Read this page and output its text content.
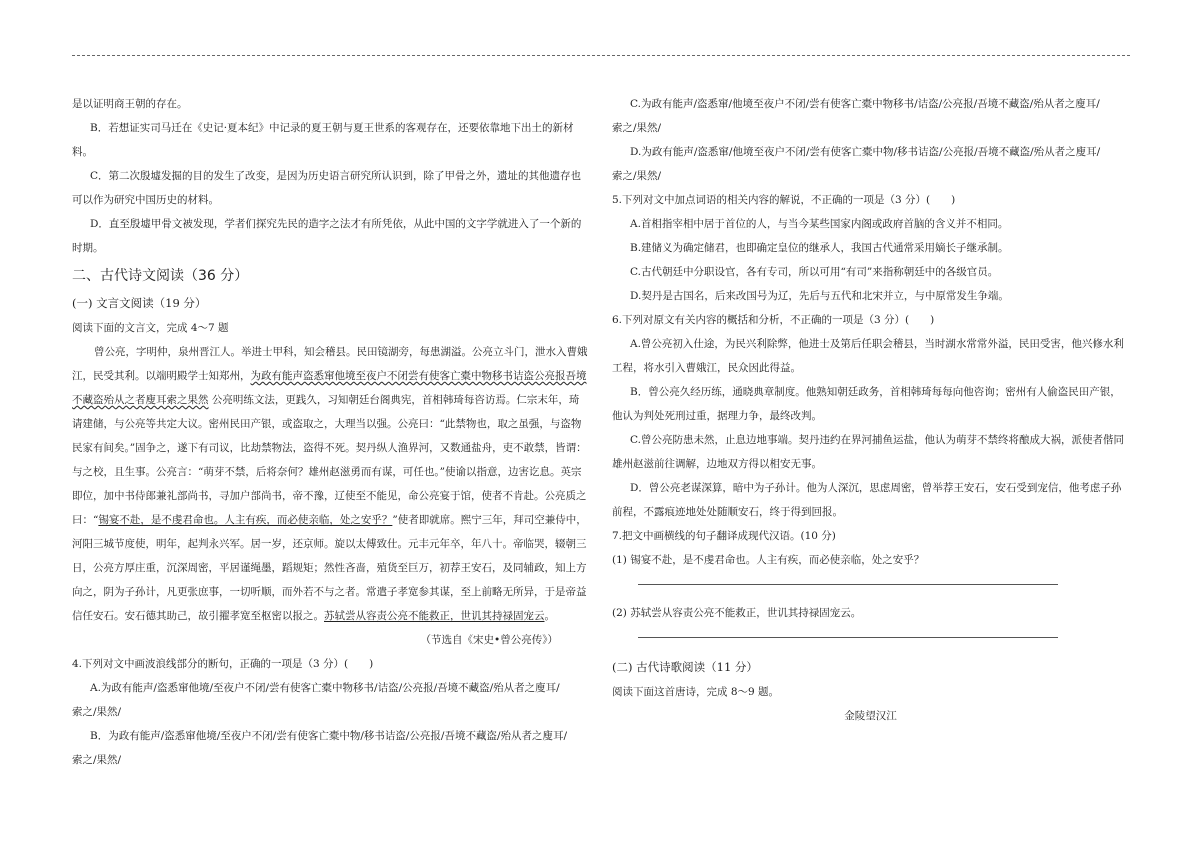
是以证明商王朝的存在。
B．若想证实司马迁在《史记·夏本纪》中记录的夏王朝与夏王世系的客观存在，还要依靠地下出土的新材
料。
C．第二次殷墟发掘的目的发生了改变，是因为历史语言研究所认识到，除了甲骨之外，遗址的其他遗存也
可以作为研究中国历史的材料。
D．直至殷墟甲骨文被发现，学者们探究先民的造字之法才有所凭依，从此中国的文字学就进入了一个新的
时期。
二、古代诗文阅读（36 分）
(一) 文言文阅读（19 分）
阅读下面的文言文，完成 4～7 题
曾公亮，字明仲，泉州晋江人。举进士甲科，知会稽县。民田镜湖旁，每患湖溢。公亮立斗门，泄水入曹娥
江，民受其利。以端明殿学士知郑州，为政有能声盗悉窜他境至夜户不闭尝有使客亡橐中物移书诘盗公亮报吾境
不藏盗殆从之者廋耳索之果然 公亮明练文法，更践久，习知朝廷台阁典宪，首相韩琦每咨访焉。仁宗末年，琦
请建储，与公亮等共定大议。密州民田产银，或盗取之，大理当以强。公亮曰：“此禁物也，取之虽强，与盗物
民家有间矣。”固争之，遂下有司议，比劫禁物法，盗得不死。契丹纵人渔界河，又数通盐舟，吏不敢禁，皆谓：
与之校，且生事。公亮言：“萌芽不禁，后将奈何？雄州赵滋勇而有谋，可任也。”使谕以指意，边害讫息。英宗
即位，加中书侍郎兼礼部尚书，寻加户部尚书，帝不豫，辽使至不能见，命公亮宴于馆，使者不肯赴。公亮质之
曰：“锡宴不赴，是不虔君命也。人主有疾，而必使亲临，处之安乎？”使者即就席。熙宁三年，拜司空兼侍中，
河阳三城节度使，明年，起判永兴军。居一岁，还京师。旋以太傅致仕。元丰元年卒，年八十。帝临哭，辍朝三
日，公亮方厚庄重，沉深周密，平居谨绳墨，蹈规矩；然性吝啬，殖货至巨万，初荐王安石，及同辅政，知上方
向之，阴为子孙计，凡更张庶事，一切听顺，而外若不与之者。常遣子孝宽参其谋，至上前略无所异，于是帝益
信任安石。安石德其助己，故引擢孝宽至枢密以报之。苏轼尝从容责公亮不能救正，世讥其持禄固宠云。
（节选自《宋史•曾公亮传》）
4.下列对文中画波浪线部分的断句，正确的一项是（3 分）(　　)
A.为政有能声/盗悉窜他境/至夜户不闭/尝有使客亡橐中物移书/诘盗/公亮报/吾境不藏盗/殆从者之廋耳/
索之/果然/
B．为政有能声/盗悉窜他境/至夜户不闭/尝有使客亡橐中物/移书诘盗/公亮报/吾境不藏盗/殆从者之廋耳/
索之/果然/
C.为政有能声/盗悉窜/他境至夜户不闭/尝有使客亡橐中物移书/诘盗/公亮报/吾境不藏盗/殆从者之廋耳/
索之/果然/
D.为政有能声/盗悉窜/他境至夜户不闭/尝有使客亡橐中物/移书诘盗/公亮报/吾境不藏盗/殆从者之廋耳/
索之/果然/
5.下列对文中加点词语的相关内容的解说，不正确的一项是（3 分）(　　)
A.首相指宰相中居于首位的人，与当今某些国家内阁或政府首脑的含义并不相同。
B.建储义为确定储君，也即确定皇位的继承人，我国古代通常采用嫡长子继承制。
C.古代朝廷中分职设官，各有专司，所以可用“有司”来指称朝廷中的各级官员。
D.契丹是古国名，后来改国号为辽，先后与五代和北宋并立，与中原常发生争端。
6.下列对原文有关内容的概括和分析，不正确的一项是（3 分）(　　)
A.曾公亮初入仕途，为民兴利除弊，他进士及第后任职会稽县，当时湖水常常外溢，民田受害，他兴修水利
工程，将水引入曹娥江，民众因此得益。
B．曾公亮久经历练，通晓典章制度。他熟知朝廷政务，首相韩琦每每向他咨询；密州有人偷盗民田产银，
他认为判处死刑过重，据理力争，最终改判。
C.曾公亮防患未然，止息边地事端。契丹违约在界河捕鱼运盐，他认为萌芽不禁终将酿成大祸，派使者偕同
雄州赵滋前往调解，边地双方得以相安无事。
D．曾公亮老谋深算，暗中为子孙计。他为人深沉，思虑周密，曾举荐王安石，安石受到宠信，他考虑子孙
前程，不露痕迹地处处随顺安石，终于得到回报。
7.把文中画横线的句子翻译成现代汉语。(10 分)
(1) 锡宴不赴，是不虔君命也。人主有疾，而必使亲临，处之安乎？
(2) 苏轼尝从容责公亮不能救正，世讥其持禄固宠云。
(二) 古代诗歌阅读（11 分）
阅读下面这首唐诗，完成 8～9 题。
金陵望汉江
